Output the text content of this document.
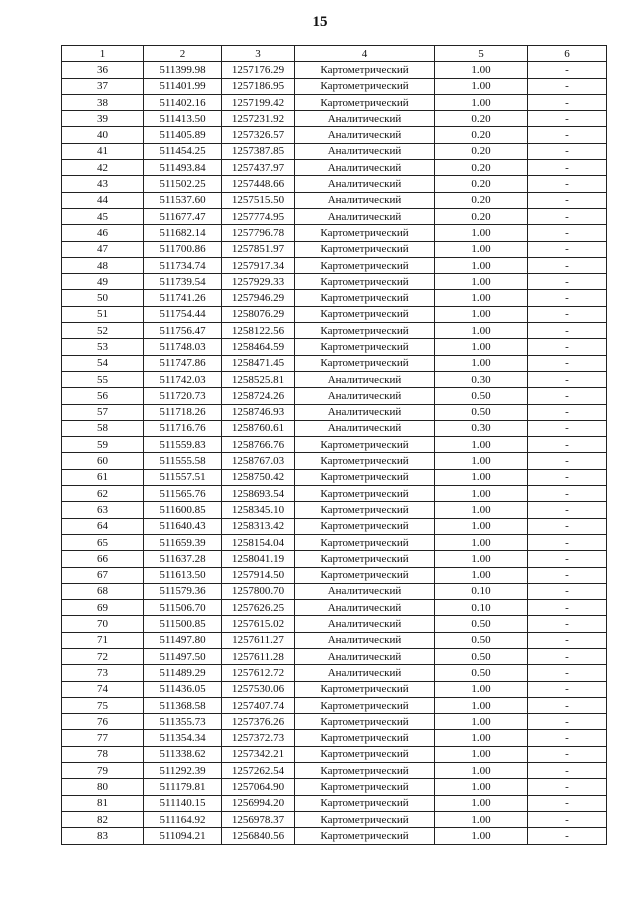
15
1	2	3	4	5	6
36	511399.98	1257176.29	Картометрический	1.00	-
37	511401.99	1257186.95	Картометрический	1.00	-
38	511402.16	1257199.42	Картометрический	1.00	-
39	511413.50	1257231.92	Аналитический	0.20	-
40	511405.89	1257326.57	Аналитический	0.20	-
41	511454.25	1257387.85	Аналитический	0.20	-
42	511493.84	1257437.97	Аналитический	0.20	-
43	511502.25	1257448.66	Аналитический	0.20	-
44	511537.60	1257515.50	Аналитический	0.20	-
45	511677.47	1257774.95	Аналитический	0.20	-
46	511682.14	1257796.78	Картометрический	1.00	-
47	511700.86	1257851.97	Картометрический	1.00	-
48	511734.74	1257917.34	Картометрический	1.00	-
49	511739.54	1257929.33	Картометрический	1.00	-
50	511741.26	1257946.29	Картометрический	1.00	-
51	511754.44	1258076.29	Картометрический	1.00	-
52	511756.47	1258122.56	Картометрический	1.00	-
53	511748.03	1258464.59	Картометрический	1.00	-
54	511747.86	1258471.45	Картометрический	1.00	-
55	511742.03	1258525.81	Аналитический	0.30	-
56	511720.73	1258724.26	Аналитический	0.50	-
57	511718.26	1258746.93	Аналитический	0.50	-
58	511716.76	1258760.61	Аналитический	0.30	-
59	511559.83	1258766.76	Картометрический	1.00	-
60	511555.58	1258767.03	Картометрический	1.00	-
61	511557.51	1258750.42	Картометрический	1.00	-
62	511565.76	1258693.54	Картометрический	1.00	-
63	511600.85	1258345.10	Картометрический	1.00	-
64	511640.43	1258313.42	Картометрический	1.00	-
65	511659.39	1258154.04	Картометрический	1.00	-
66	511637.28	1258041.19	Картометрический	1.00	-
67	511613.50	1257914.50	Картометрический	1.00	-
68	511579.36	1257800.70	Аналитический	0.10	-
69	511506.70	1257626.25	Аналитический	0.10	-
70	511500.85	1257615.02	Аналитический	0.50	-
71	511497.80	1257611.27	Аналитический	0.50	-
72	511497.50	1257611.28	Аналитический	0.50	-
73	511489.29	1257612.72	Аналитический	0.50	-
74	511436.05	1257530.06	Картометрический	1.00	-
75	511368.58	1257407.74	Картометрический	1.00	-
76	511355.73	1257376.26	Картометрический	1.00	-
77	511354.34	1257372.73	Картометрический	1.00	-
78	511338.62	1257342.21	Картометрический	1.00	-
79	511292.39	1257262.54	Картометрический	1.00	-
80	511179.81	1257064.90	Картометрический	1.00	-
81	511140.15	1256994.20	Картометрический	1.00	-
82	511164.92	1256978.37	Картометрический	1.00	-
83	511094.21	1256840.56	Картометрический	1.00	-
